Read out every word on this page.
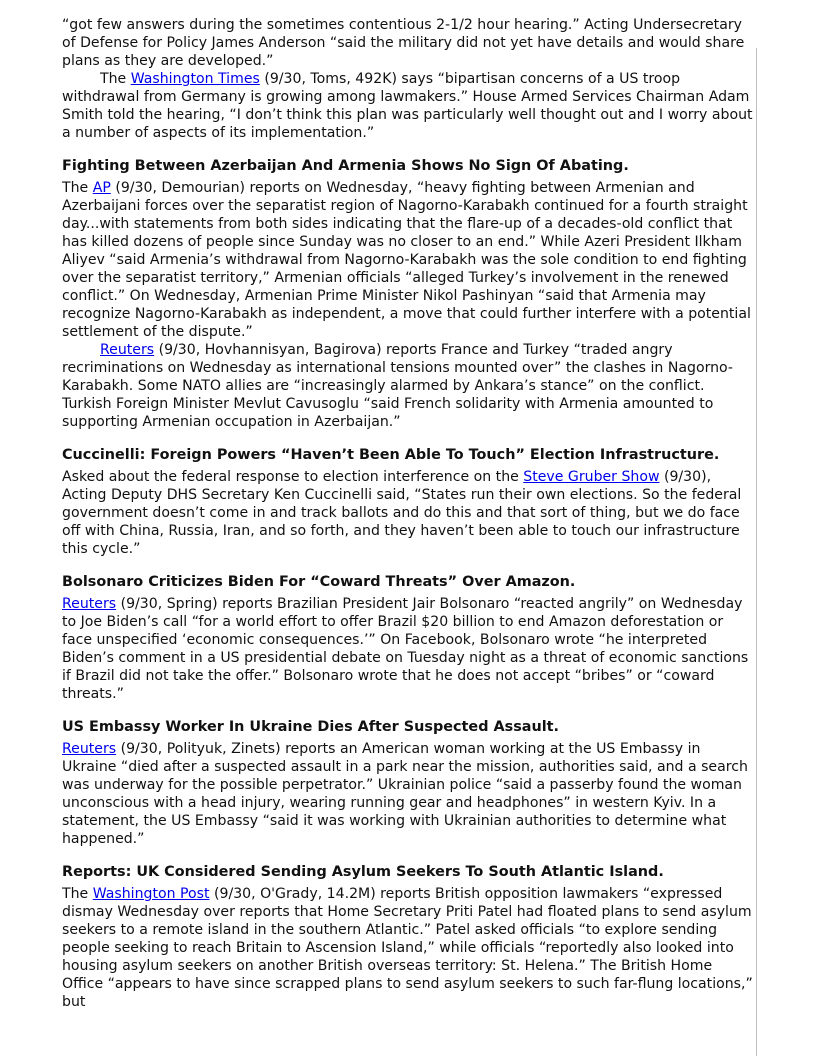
“got few answers during the sometimes contentious 2-1/2 hour hearing.” Acting Undersecretary of Defense for Policy James Anderson “said the military did not yet have details and would share plans as they are developed.”

The Washington Times (9/30, Toms, 492K) says “bipartisan concerns of a US troop withdrawal from Germany is growing among lawmakers.” House Armed Services Chairman Adam Smith told the hearing, “I don’t think this plan was particularly well thought out and I worry about a number of aspects of its implementation.”

Fighting Between Azerbaijan And Armenia Shows No Sign Of Abating.

The AP (9/30, Demourian) reports on Wednesday, “heavy fighting between Armenian and Azerbaijani forces over the separatist region of Nagorno-Karabakh continued for a fourth straight day...with statements from both sides indicating that the flare-up of a decades-old conflict that has killed dozens of people since Sunday was no closer to an end.” While Azeri President Ilkham Aliyev “said Armenia’s withdrawal from Nagorno-Karabakh was the sole condition to end fighting over the separatist territory,” Armenian officials “alleged Turkey’s involvement in the renewed conflict.” On Wednesday, Armenian Prime Minister Nikol Pashinyan “said that Armenia may recognize Nagorno-Karabakh as independent, a move that could further interfere with a potential settlement of the dispute.”

Reuters (9/30, Hovhannisyan, Bagirova) reports France and Turkey “traded angry recriminations on Wednesday as international tensions mounted over” the clashes in Nagorno-Karabakh. Some NATO allies are “increasingly alarmed by Ankara’s stance” on the conflict. Turkish Foreign Minister Mevlut Cavusoglu “said French solidarity with Armenia amounted to supporting Armenian occupation in Azerbaijan.”

Cuccinelli: Foreign Powers “Haven’t Been Able To Touch” Election Infrastructure.

Asked about the federal response to election interference on the Steve Gruber Show (9/30), Acting Deputy DHS Secretary Ken Cuccinelli said, “States run their own elections. So the federal government doesn’t come in and track ballots and do this and that sort of thing, but we do face off with China, Russia, Iran, and so forth, and they haven’t been able to touch our infrastructure this cycle.”

Bolsonaro Criticizes Biden For “Coward Threats” Over Amazon.

Reuters (9/30, Spring) reports Brazilian President Jair Bolsonaro “reacted angrily” on Wednesday to Joe Biden’s call “for a world effort to offer Brazil $20 billion to end Amazon deforestation or face unspecified ‘economic consequences.’” On Facebook, Bolsonaro wrote “he interpreted Biden’s comment in a US presidential debate on Tuesday night as a threat of economic sanctions if Brazil did not take the offer.” Bolsonaro wrote that he does not accept “bribes” or “coward threats.”

US Embassy Worker In Ukraine Dies After Suspected Assault.

Reuters (9/30, Polityuk, Zinets) reports an American woman working at the US Embassy in Ukraine “died after a suspected assault in a park near the mission, authorities said, and a search was underway for the possible perpetrator.” Ukrainian police “said a passerby found the woman unconscious with a head injury, wearing running gear and headphones” in western Kyiv. In a statement, the US Embassy “said it was working with Ukrainian authorities to determine what happened.”

Reports: UK Considered Sending Asylum Seekers To South Atlantic Island.

The Washington Post (9/30, O'Grady, 14.2M) reports British opposition lawmakers “expressed dismay Wednesday over reports that Home Secretary Priti Patel had floated plans to send asylum seekers to a remote island in the southern Atlantic.” Patel asked officials “to explore sending people seeking to reach Britain to Ascension Island,” while officials “reportedly also looked into housing asylum seekers on another British overseas territory: St. Helena.” The British Home Office “appears to have since scrapped plans to send asylum seekers to such far-flung locations,” but
